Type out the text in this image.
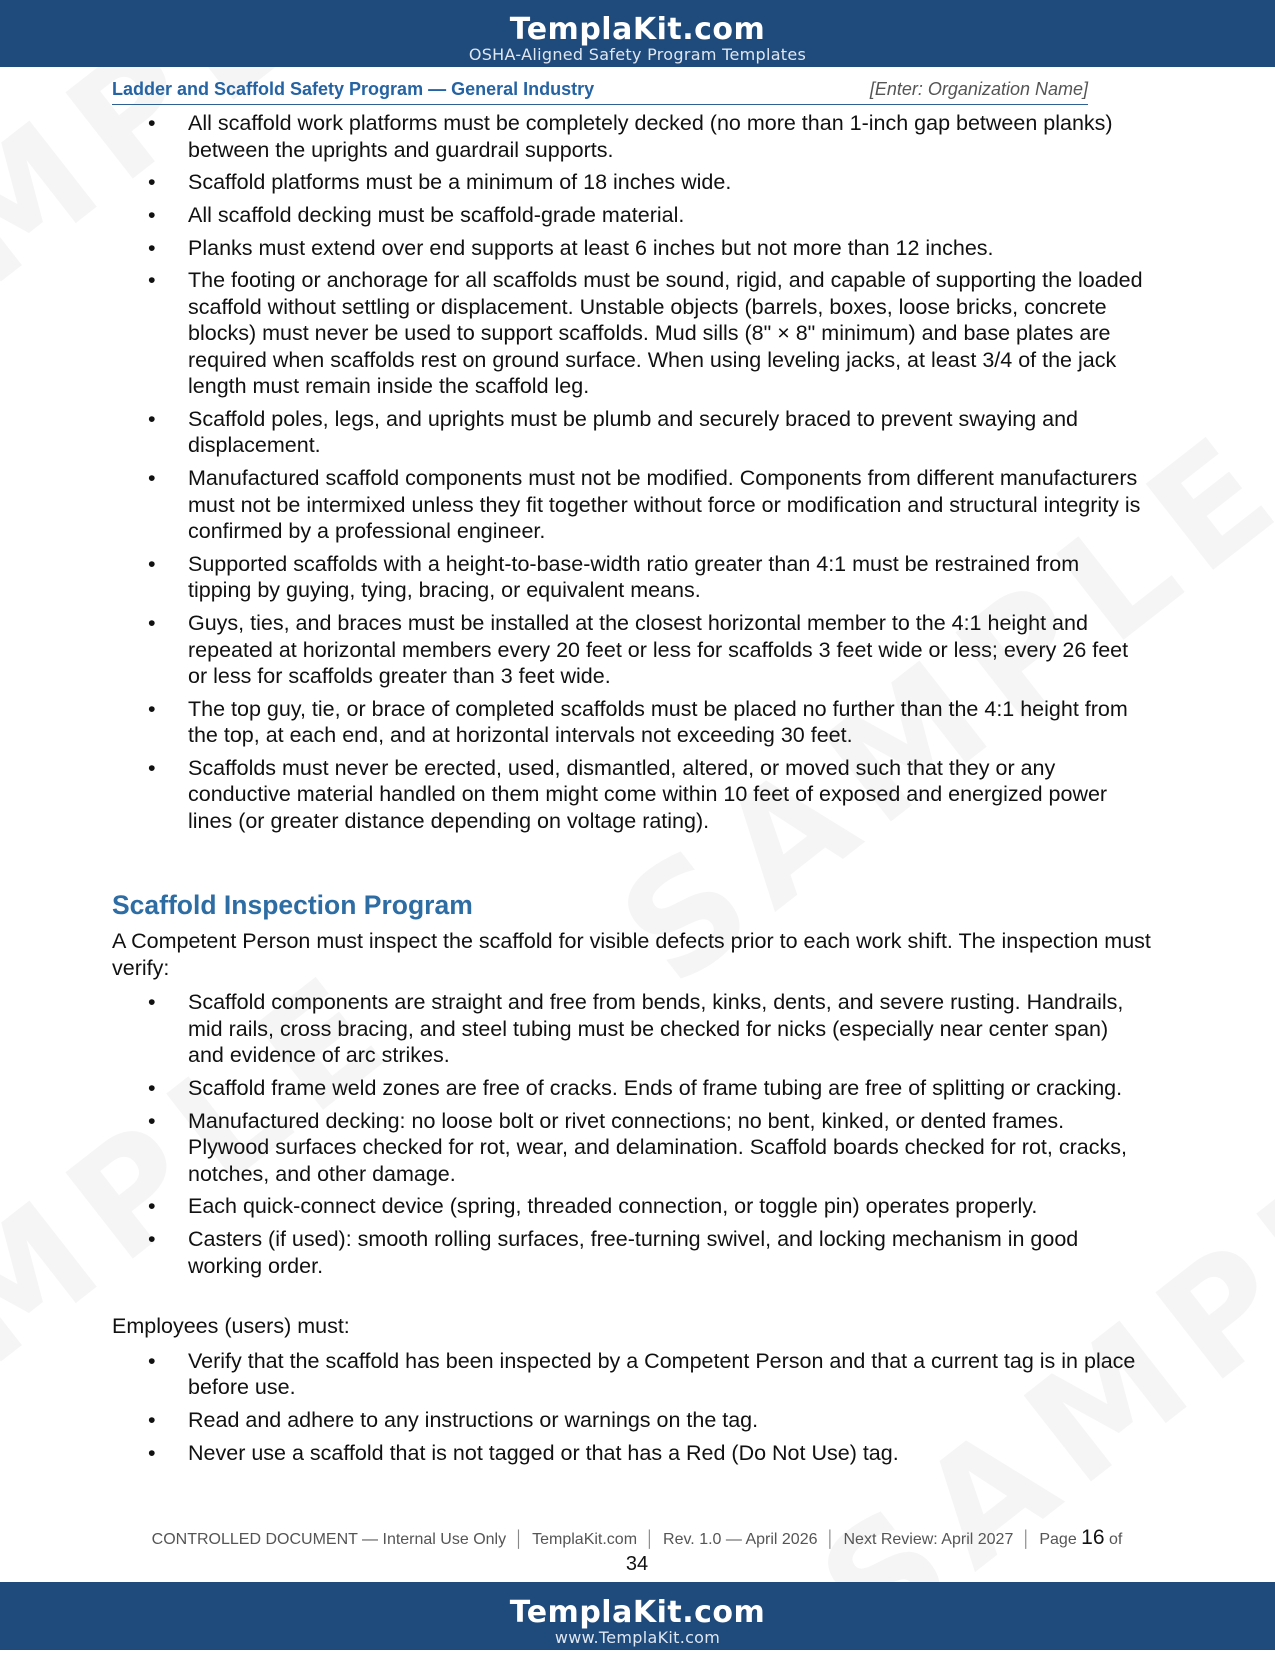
TemplaKit.com
OSHA-Aligned Safety Program Templates
Ladder and Scaffold Safety Program — General Industry	[Enter: Organization Name]
• All scaffold work platforms must be completely decked (no more than 1-inch gap between planks) between the uprights and guardrail supports.
• Scaffold platforms must be a minimum of 18 inches wide.
• All scaffold decking must be scaffold-grade material.
• Planks must extend over end supports at least 6 inches but not more than 12 inches.
• The footing or anchorage for all scaffolds must be sound, rigid, and capable of supporting the loaded scaffold without settling or displacement. Unstable objects (barrels, boxes, loose bricks, concrete blocks) must never be used to support scaffolds. Mud sills (8" × 8" minimum) and base plates are required when scaffolds rest on ground surface. When using leveling jacks, at least 3/4 of the jack length must remain inside the scaffold leg.
• Scaffold poles, legs, and uprights must be plumb and securely braced to prevent swaying and displacement.
• Manufactured scaffold components must not be modified. Components from different manufacturers must not be intermixed unless they fit together without force or modification and structural integrity is confirmed by a professional engineer.
• Supported scaffolds with a height-to-base-width ratio greater than 4:1 must be restrained from tipping by guying, tying, bracing, or equivalent means.
• Guys, ties, and braces must be installed at the closest horizontal member to the 4:1 height and repeated at horizontal members every 20 feet or less for scaffolds 3 feet wide or less; every 26 feet or less for scaffolds greater than 3 feet wide.
• The top guy, tie, or brace of completed scaffolds must be placed no further than the 4:1 height from the top, at each end, and at horizontal intervals not exceeding 30 feet.
• Scaffolds must never be erected, used, dismantled, altered, or moved such that they or any conductive material handled on them might come within 10 feet of exposed and energized power lines (or greater distance depending on voltage rating).
Scaffold Inspection Program

A Competent Person must inspect the scaffold for visible defects prior to each work shift. The inspection must verify:

• Scaffold components are straight and free from bends, kinks, dents, and severe rusting. Handrails, mid rails, cross bracing, and steel tubing must be checked for nicks (especially near center span) and evidence of arc strikes.
• Scaffold frame weld zones are free of cracks. Ends of frame tubing are free of splitting or cracking.
• Manufactured decking: no loose bolt or rivet connections; no bent, kinked, or dented frames. Plywood surfaces checked for rot, wear, and delamination. Scaffold boards checked for rot, cracks, notches, and other damage.
• Each quick-connect device (spring, threaded connection, or toggle pin) operates properly.
• Casters (if used): smooth rolling surfaces, free-turning swivel, and locking mechanism in good working order.

Employees (users) must:

• Verify that the scaffold has been inspected by a Competent Person and that a current tag is in place before use.
• Read and adhere to any instructions or warnings on the tag.
• Never use a scaffold that is not tagged or that has a Red (Do Not Use) tag.
CONTROLLED DOCUMENT — Internal Use Only │ TemplaKit.com │ Rev. 1.0 — April 2026 │ Next Review: April 2027 │ Page 16 of
34
TemplaKit.com
www.TemplaKit.com
